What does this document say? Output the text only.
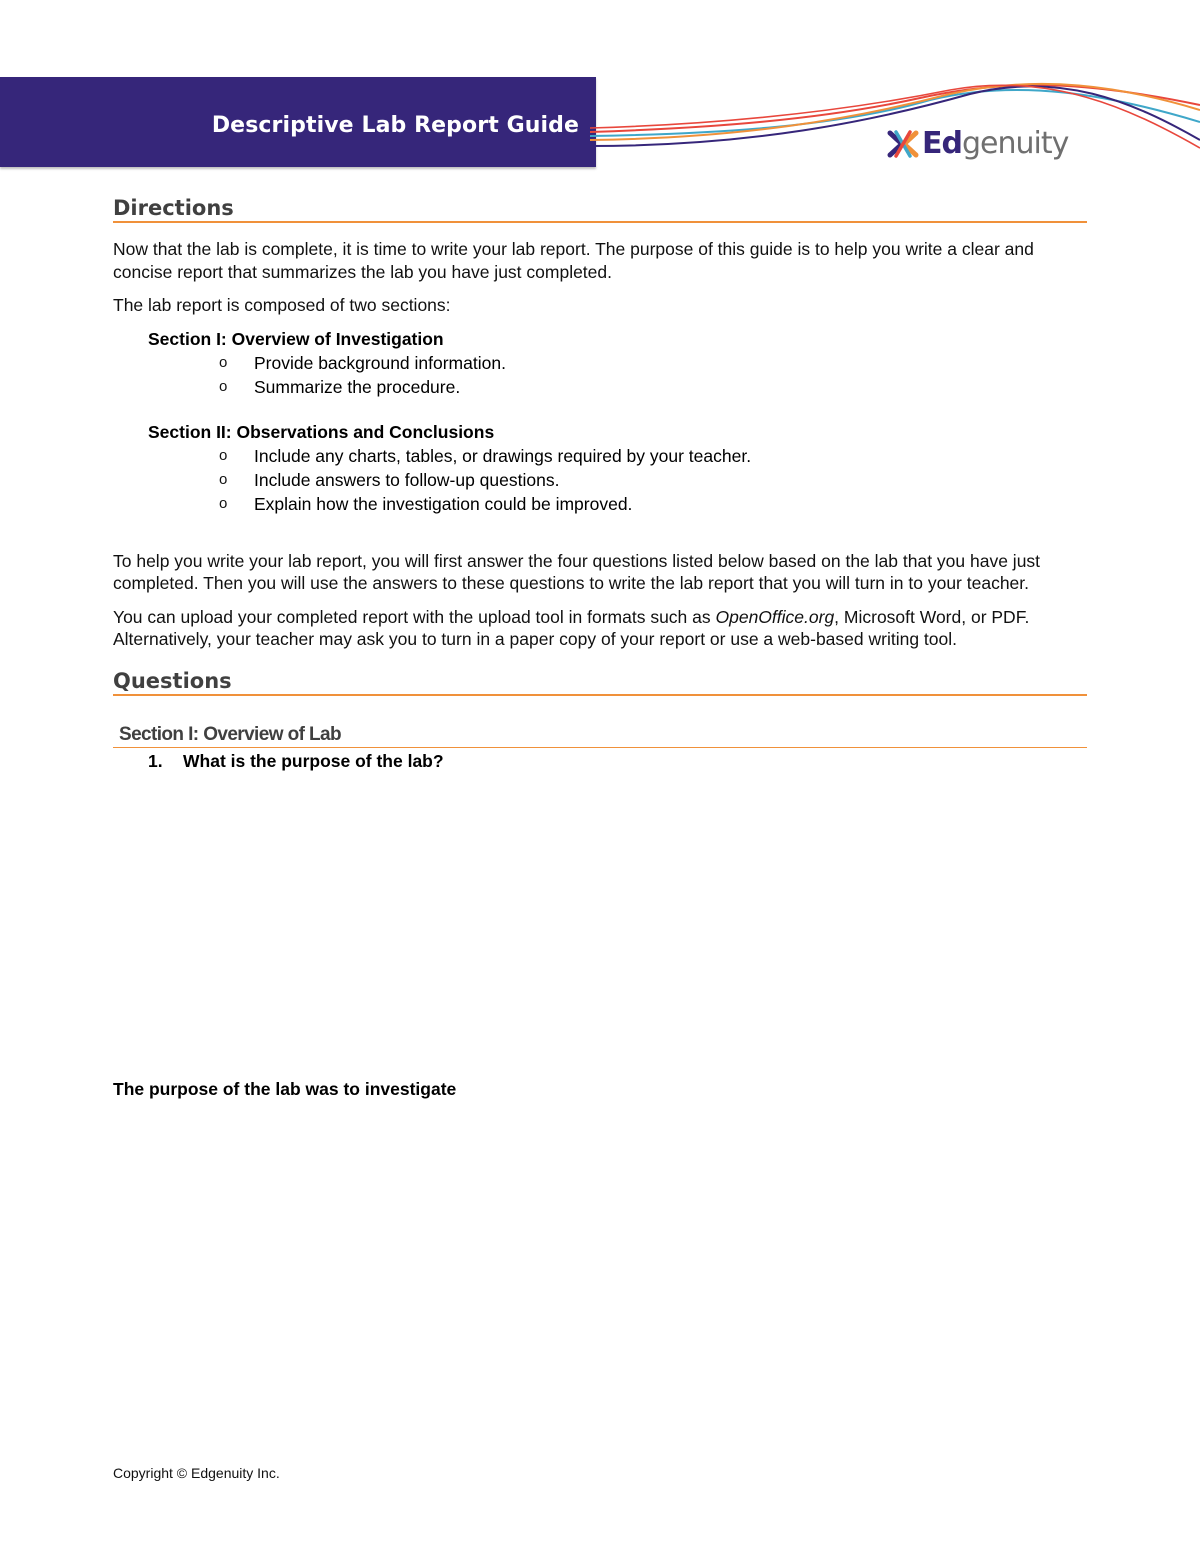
Descriptive Lab Report Guide
Edgenuity
Directions

Now that the lab is complete, it is time to write your lab report. The purpose of this guide is to help you write a clear and concise report that summarizes the lab you have just completed.

The lab report is composed of two sections:

Section I: Overview of Investigation
o	Provide background information.
o	Summarize the procedure.
Section II: Observations and Conclusions
o	Include any charts, tables, or drawings required by your teacher.
o	Include answers to follow-up questions.
o	Explain how the investigation could be improved.

To help you write your lab report, you will first answer the four questions listed below based on the lab that you have just completed. Then you will use the answers to these questions to write the lab report that you will turn in to your teacher.

You can upload your completed report with the upload tool in formats such as OpenOffice.org, Microsoft Word, or PDF. Alternatively, your teacher may ask you to turn in a paper copy of your report or use a web-based writing tool.

Questions
Section I: Overview of Lab
1.	What is the purpose of the lab?
The purpose of the lab was to investigate
Copyright © Edgenuity Inc.
